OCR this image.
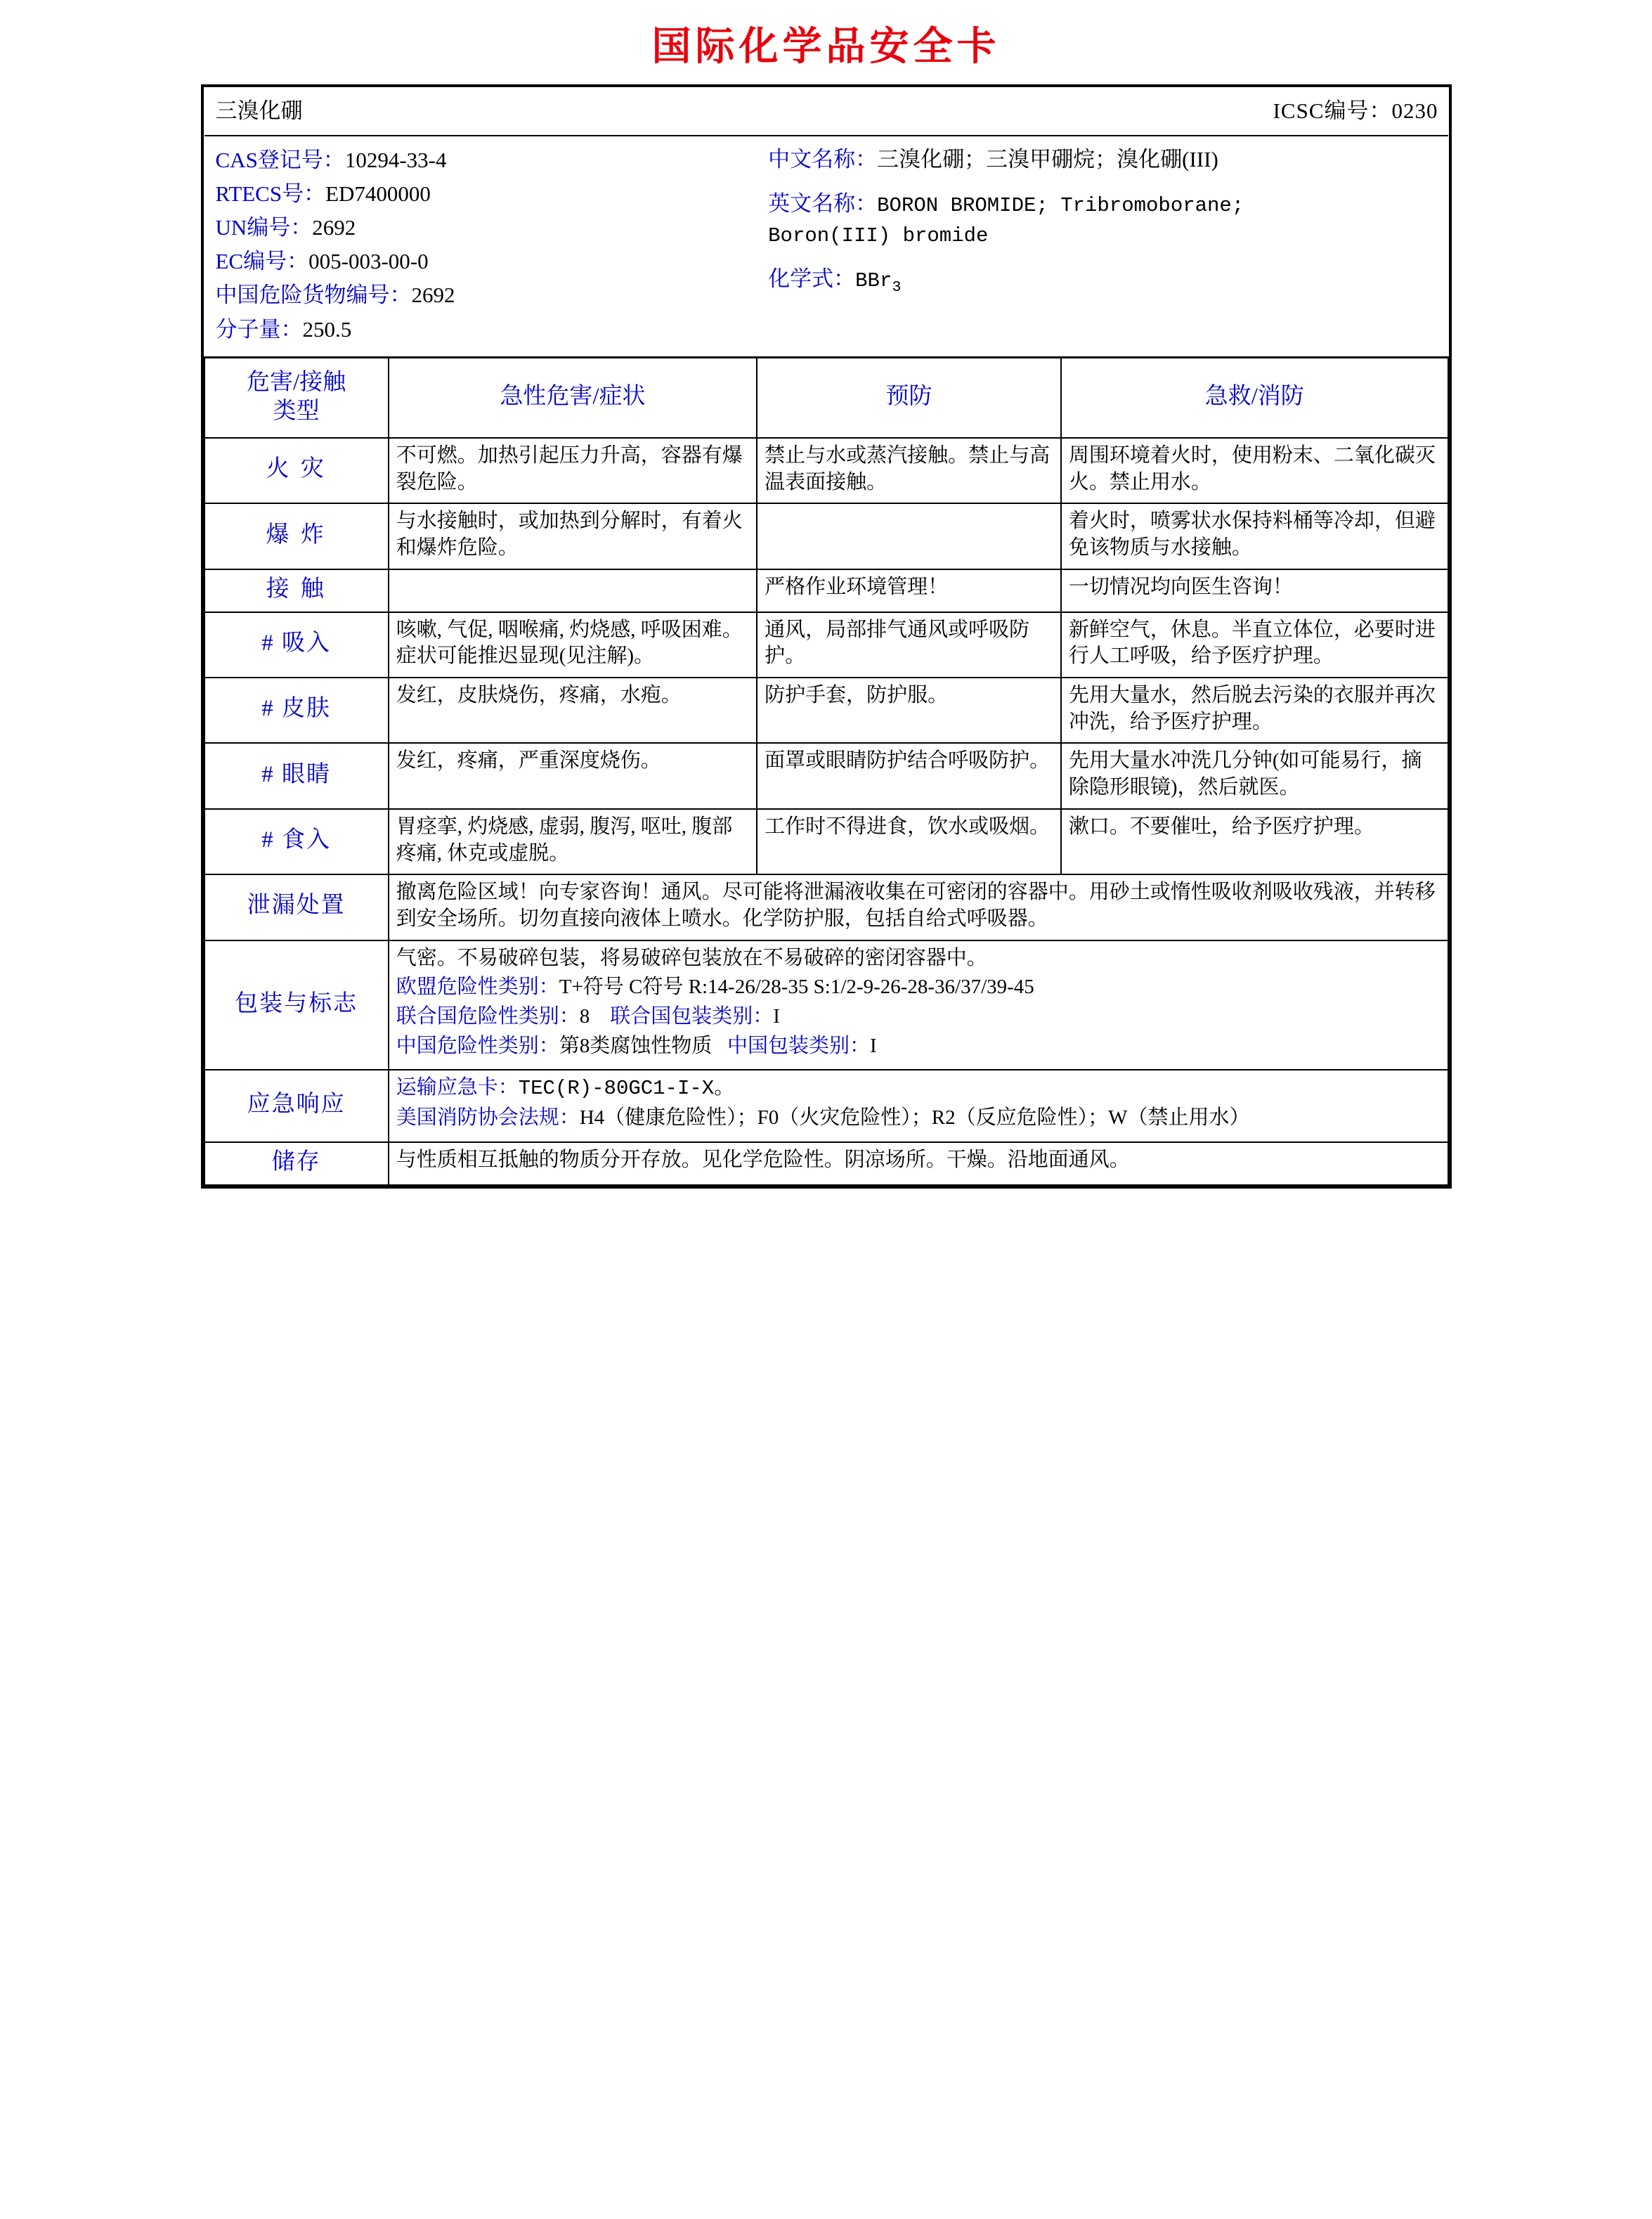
国际化学品安全卡
三溴化硼		ICSC编号：0230	

CAS登记号：10294-33-4
RTECS号：ED7400000
UN编号：2692
EC编号：005-003-00-0
中国危险货物编号：2692
分子量：250.5

中文名称：三溴化硼；三溴甲硼烷；溴化硼(III)
英文名称：BORON BROMIDE; Tribromoborane;
Boron(III) bromide
化学式：BBr$_3$

危害/接触
类型	急性危害/症状	预防	急救/消防
火 灾	不可燃。加热引起压力升高，容器有爆裂危险。	禁止与水或蒸汽接触。禁止与高温表面接触。	周围环境着火时，使用粉末、二氧化碳灭火。禁止用水。
爆 炸	与水接触时，或加热到分解时，有着火和爆炸危险。		着火时，喷雾状水保持料桶等冷却，但避免该物质与水接触。
接 触		严格作业环境管理！	一切情况均向医生咨询！
# 吸入	咳嗽, 气促, 咽喉痛, 灼烧感, 呼吸困难。症状可能推迟显现(见注解)。	通风，局部排气通风或呼吸防护。	新鲜空气，休息。半直立体位，必要时进行人工呼吸，给予医疗护理。
# 皮肤	发红，皮肤烧伤，疼痛，水疱。	防护手套，防护服。	先用大量水，然后脱去污染的衣服并再次冲洗，给予医疗护理。
# 眼睛	发红，疼痛，严重深度烧伤。	面罩或眼睛防护结合呼吸防护。	先用大量水冲洗几分钟(如可能易行，摘除隐形眼镜)，然后就医。
# 食入	胃痉挛, 灼烧感, 虚弱, 腹泻, 呕吐, 腹部疼痛, 休克或虚脱。	工作时不得进食，饮水或吸烟。	漱口。不要催吐，给予医疗护理。
泄漏处置	撤离危险区域！向专家咨询！通风。尽可能将泄漏液收集在可密闭的容器中。用砂土或惰性吸收剂吸收残液，并转移到安全场所。切勿直接向液体上喷水。化学防护服，包括自给式呼吸器。		
包装与标志	气密。不易破碎包装，将易破碎包装放在不易破碎的密闭容器中。
欧盟危险性类别：T+符号 C符号 R:14-26/28-35 S:1/2-9-26-28-36/37/39-45
联合国危险性类别：8 联合国包装类别：I
中国危险性类别：第8类腐蚀性物质 中国包装类别：I		

应急响应	运输应急卡：TEC(R)-80GC1-I-X。
美国消防协会法规：H4（健康危险性）；F0（火灾危险性）；R2（反应危险性）；W（禁止用水）		

储存	与性质相互抵触的物质分开存放。见化学危险性。阴凉场所。干燥。沿地面通风。		
